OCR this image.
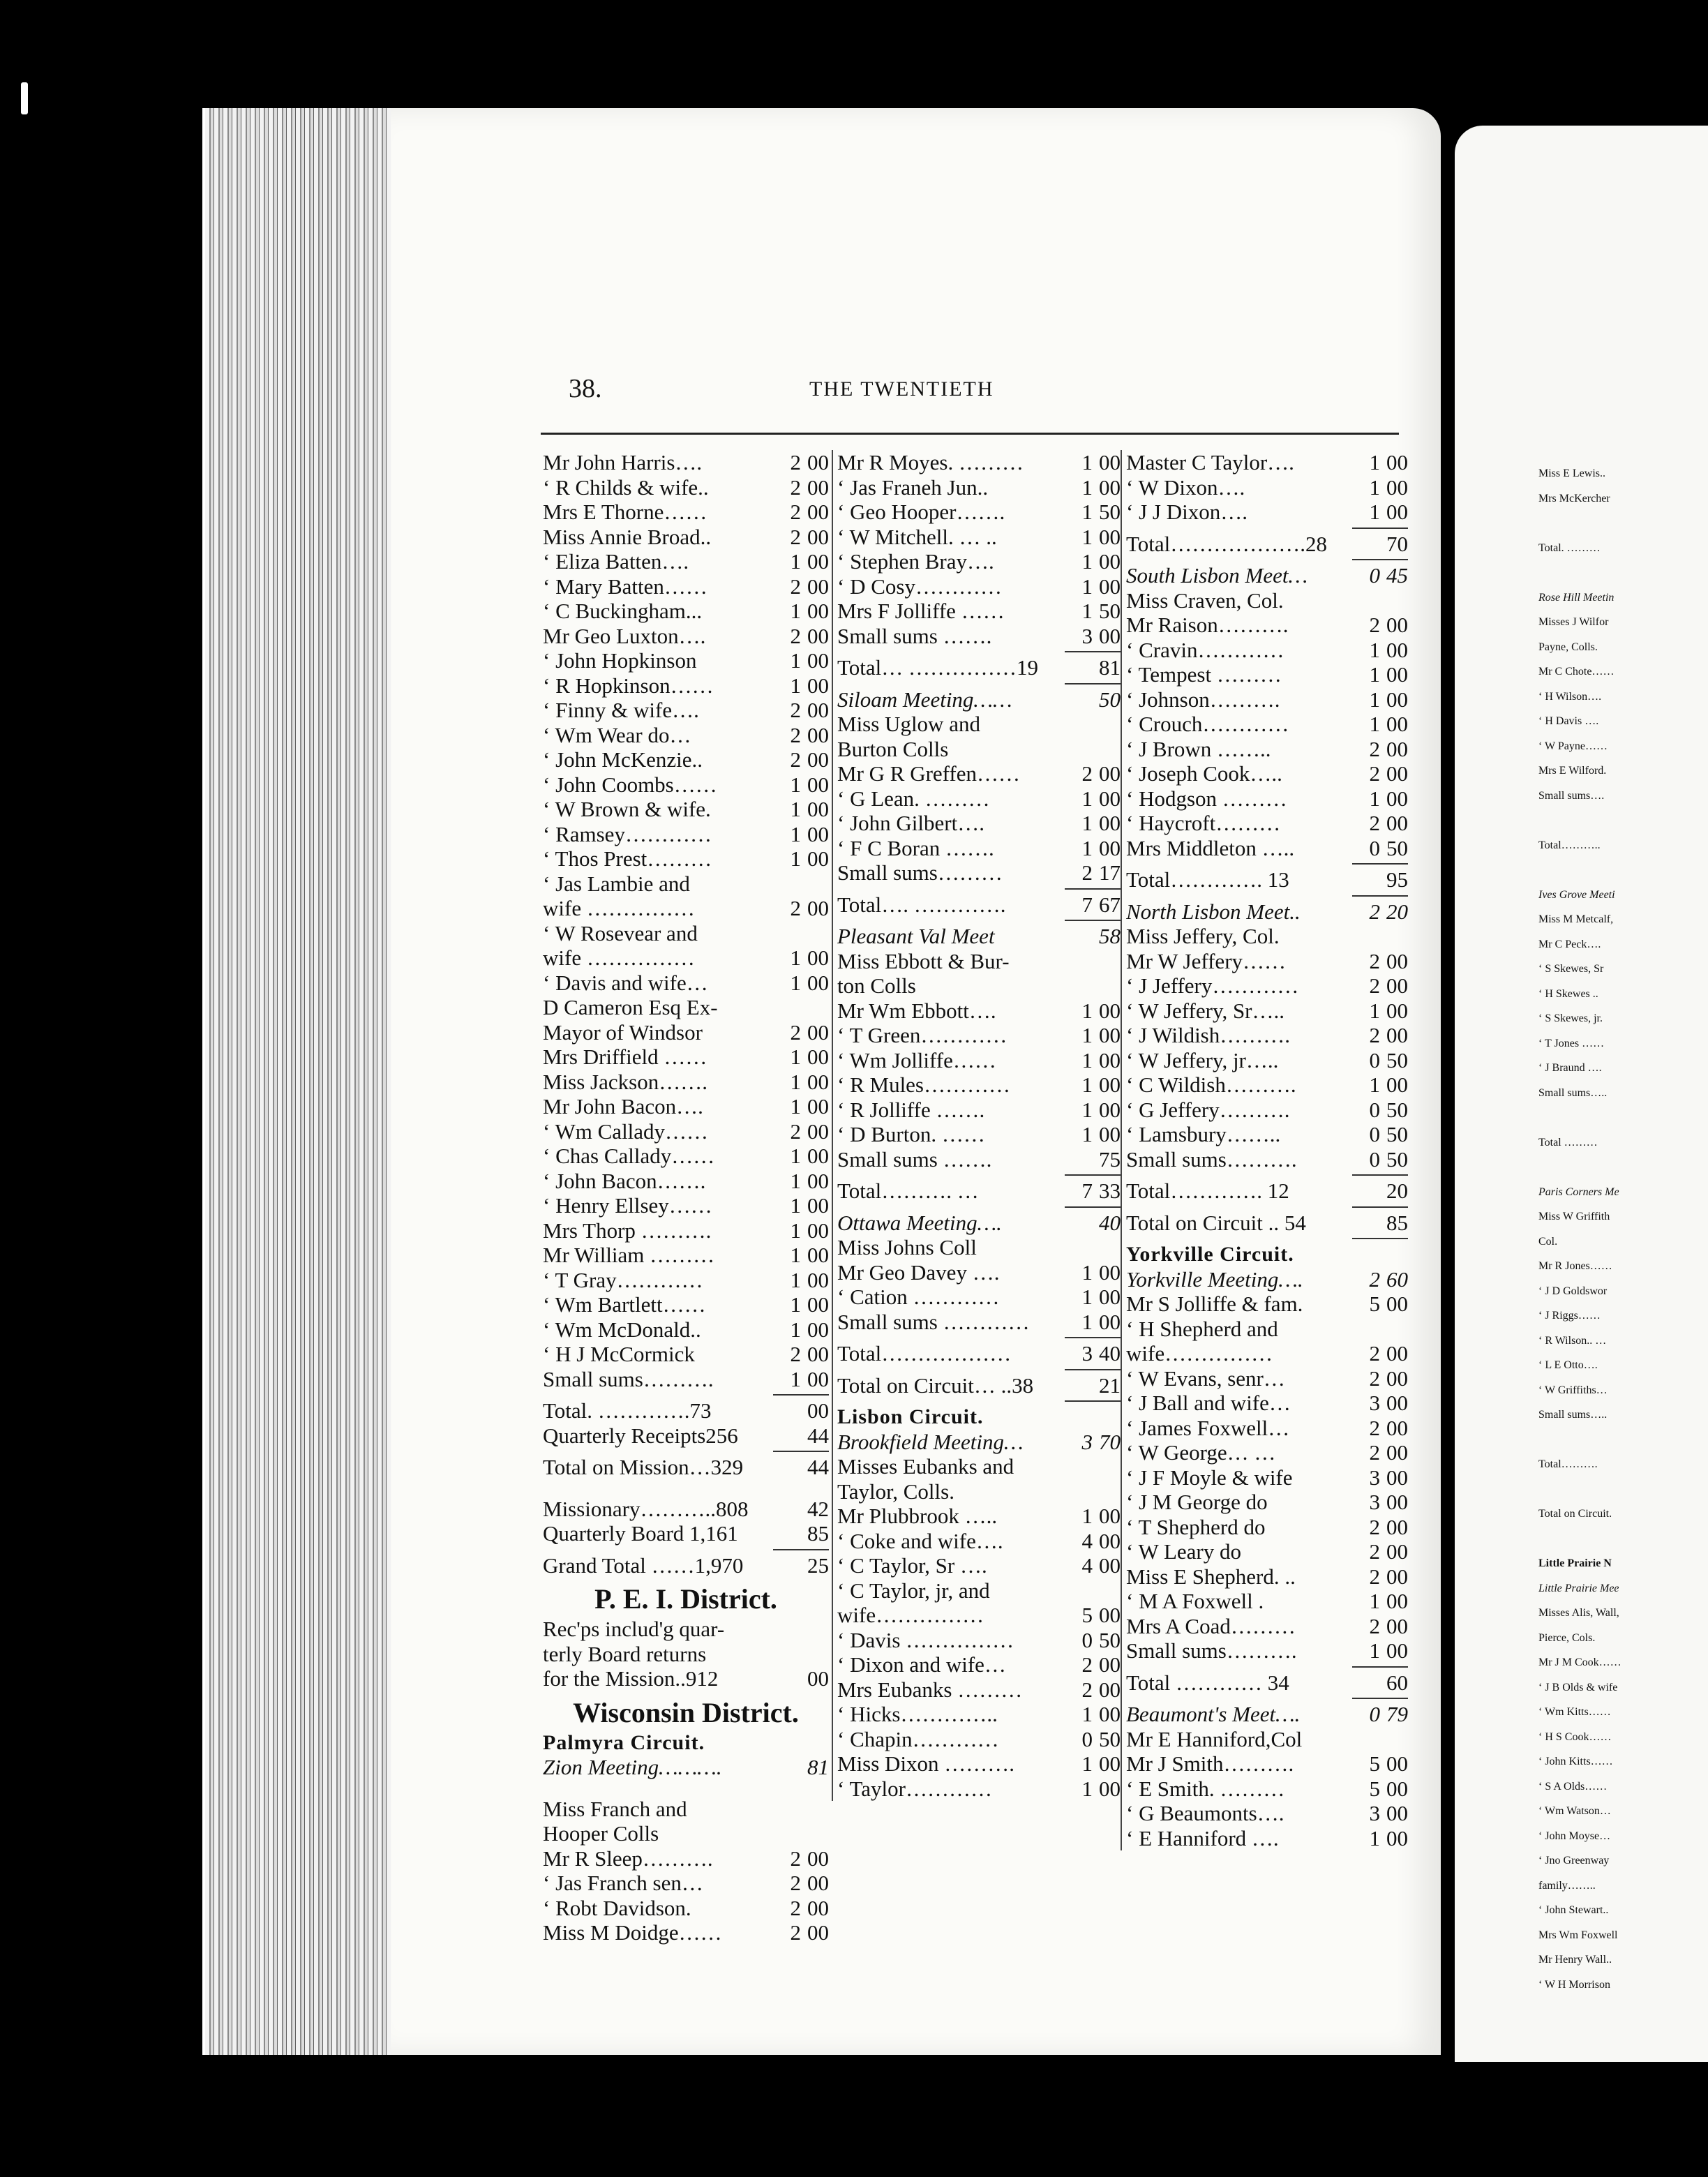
38.	THE TWENTIETH
Mr John Harris….	2 00
‘ R Childs & wife..	2 00
Mrs E Thorne……	2 00
Miss Annie Broad..	2 00
‘ Eliza Batten….	1 00
‘ Mary Batten……	2 00
‘ C Buckingham...	1 00
Mr Geo Luxton….	2 00
‘ John Hopkinson	1 00
‘ R Hopkinson……	1 00
‘ Finny & wife….	2 00
‘ Wm Wear do…	2 00
‘ John McKenzie..	2 00
‘ John Coombs……	1 00
‘ W Brown & wife.	1 00
‘ Ramsey…………	1 00
‘ Thos Prest………	1 00
‘ Jas Lambie and
wife ……………	2 00
‘ W Rosevear and
wife ……………	1 00
‘ Davis and wife…	1 00
D Cameron Esq Ex-
Mayor of Windsor	2 00
Mrs Driffield ……	1 00
Miss Jackson…….	1 00
Mr John Bacon….	1 00
‘ Wm Callady……	2 00
‘ Chas Callady……	1 00
‘ John Bacon…….	1 00
‘ Henry Ellsey……	1 00
Mrs Thorp ……….	1 00
Mr William ………	1 00
‘ T Gray…………	1 00
‘ Wm Bartlett……	1 00
‘ Wm McDonald..	1 00
‘ H J McCormick	2 00
Small sums……….	1 00
Total. ………….73	00
Quarterly Receipts256	44
Total on Mission…329	44
Missionary………..808	42
Quarterly Board 1,161	85
Grand Total ……1,970	25
P. E. I. District.
Rec'ps includ'g quar-
terly Board returns
for the Mission..912	00
Wisconsin District.
Palmyra Circuit.
Zion Meeting……….	81
Miss Franch and
Hooper Colls
Mr R Sleep……….	2 00
‘ Jas Franch sen…	2 00
‘ Robt Davidson.	2 00
Miss M Doidge……	2 00
Mr R Moyes. ………	1 00
‘ Jas Franeh Jun..	1 00
‘ Geo Hooper…….	1 50
‘ W Mitchell. … ..	1 00
‘ Stephen Bray….	1 00
‘ D Cosy…………	1 00
Mrs F Jolliffe ……	1 50
Small sums …….	3 00
Total… ……………19	81
Siloam Meeting……	50
Miss Uglow and
Burton Colls
Mr G R Greffen……	2 00
‘ G Lean. ………	1 00
‘ John Gilbert….	1 00
‘ F C Boran …….	1 00
Small sums………	2 17
Total…. ………….	7 67
Pleasant Val Meet	58
Miss Ebbott & Bur-
ton Colls
Mr Wm Ebbott….	1 00
‘ T Green…………	1 00
‘ Wm Jolliffe……	1 00
‘ R Mules…………	1 00
‘ R Jolliffe …….	1 00
‘ D Burton. ……	1 00
Small sums …….	75
Total………. …	7 33
Ottawa Meeting….	40
Miss Johns Coll
Mr Geo Davey ….	1 00
‘ Cation …………	1 00
Small sums …………	1 00
Total………………	3 40
Total on Circuit… ..38	21
Lisbon Circuit.
Brookfield Meeting…	3 70
Misses Eubanks and
Taylor, Colls.
Mr Plubbrook …..	1 00
‘ Coke and wife….	4 00
‘ C Taylor, Sr ….	4 00
‘ C Taylor, jr, and
wife……………	5 00
‘ Davis ……………	0 50
‘ Dixon and wife…	2 00
Mrs Eubanks ………	2 00
‘ Hicks…………..	1 00
‘ Chapin…………	0 50
Miss Dixon ……….	1 00
‘ Taylor…………	1 00
Master C Taylor….	1 00
‘ W Dixon….	1 00
‘ J J Dixon….	1 00
Total……………….28	70
South Lisbon Meet…	0 45
Miss Craven, Col.
Mr Raison……….	2 00
‘ Cravin…………	1 00
‘ Tempest ………	1 00
‘ Johnson……….	1 00
‘ Crouch…………	1 00
‘ J Brown ……..	2 00
‘ Joseph Cook…..	2 00
‘ Hodgson ………	1 00
‘ Haycroft………	2 00
Mrs Middleton …..	0 50
Total…………. 13	95
North Lisbon Meet..	2 20
Miss Jeffery, Col.
Mr W Jeffery……	2 00
‘ J Jeffery…………	2 00
‘ W Jeffery, Sr…..	1 00
‘ J Wildish……….	2 00
‘ W Jeffery, jr…..	0 50
‘ C Wildish……….	1 00
‘ G Jeffery……….	0 50
‘ Lamsbury……..	0 50
Small sums……….	0 50
Total…………. 12	20
Total on Circuit .. 54	85
Yorkville Circuit.
Yorkville Meeting….	2 60
Mr S Jolliffe & fam.	5 00
‘ H Shepherd and
wife……………	2 00
‘ W Evans, senr…	2 00
‘ J Ball and wife…	3 00
‘ James Foxwell…	2 00
‘ W George… …	2 00
‘ J F Moyle & wife	3 00
‘ J M George do	3 00
‘ T Shepherd do	2 00
‘ W Leary do	2 00
Miss E Shepherd. ..	2 00
‘ M A Foxwell .	1 00
Mrs A Coad………	2 00
Small sums……….	1 00
Total ………… 34	60
Beaumont's Meet….	0 79
Mr E Hanniford,Col
Mr J Smith……….	5 00
‘ E Smith. ………	5 00
‘ G Beaumonts….	3 00
‘ E Hanniford ….	1 00
Miss E Lewis..
Mrs McKercher
Total. ………
Rose Hill Meetin
Misses J Wilfor
Payne, Colls.
Mr C Chote……
‘ H Wilson….
‘ H Davis ….
‘ W Payne……
Mrs E Wilford.
Small sums….
Total………..
Ives Grove Meeti
Miss M Metcalf,
Mr C Peck….
‘ S Skewes, Sr
‘ H Skewes ..
‘ S Skewes, jr.
‘ T Jones ……
‘ J Braund ….
Small sums…..
Total ………
Paris Corners Me
Miss W Griffith
Col.
Mr R Jones……
‘ J D Goldswor
‘ J Riggs……
‘ R Wilson.. …
‘ L E Otto….
‘ W Griffiths…
Small sums…..
Total……….
Total on Circuit.
Little Prairie N
Little Prairie Mee
Misses Alis, Wall,
Pierce, Cols.
Mr J M Cook……
‘ J B Olds & wife
‘ Wm Kitts……
‘ H S Cook……
‘ John Kitts……
‘ S A Olds……
‘ Wm Watson…
‘ John Moyse…
‘ Jno Greenway
family……..
‘ John Stewart..
Mrs Wm Foxwell
Mr Henry Wall..
‘ W H Morrison
